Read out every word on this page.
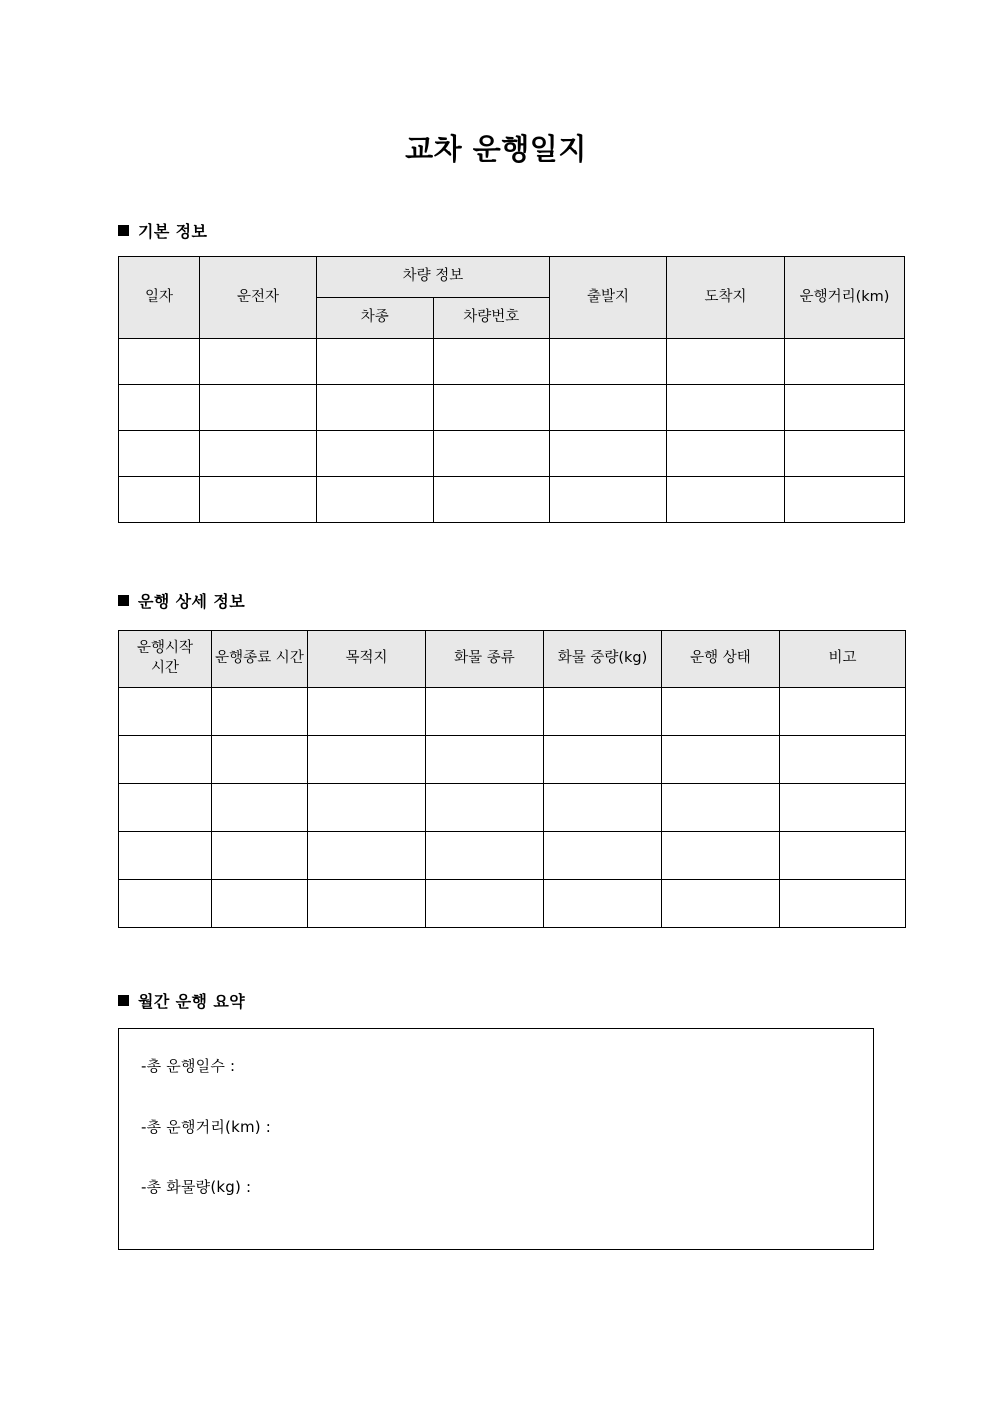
교차 운행일지
기본 정보
일자	운전자	차량 정보		출발지	도착지	운행거리(km)
		차종	차량번호			

운행 상세 정보
운행시작 시간	운행종료 시간	목적지	화물 종류	화물 중량(kg)	운행 상태	비고

월간 운행 요약
-총 운행일수 :
-총 운행거리(km) :
-총 화물량(kg) :
